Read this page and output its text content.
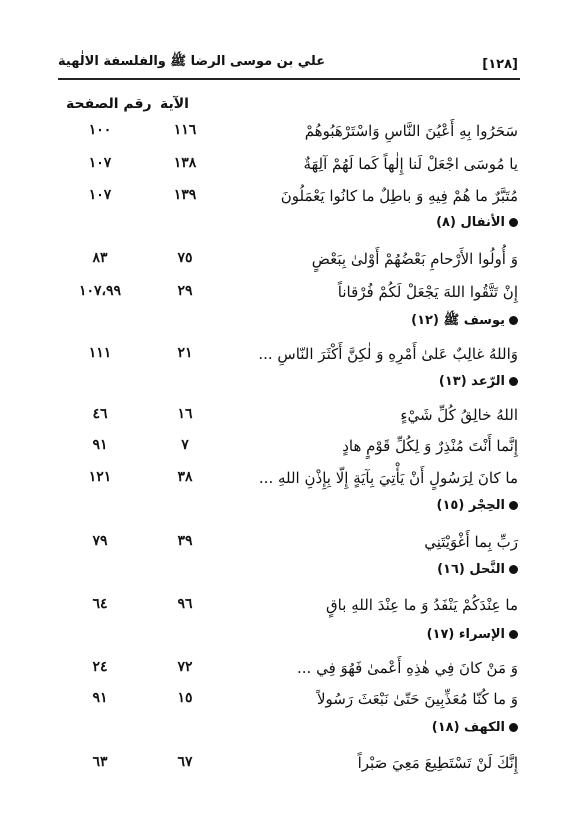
[١٢٨]
علي بن موسى الرضا ﷺ والفلسفة الالٰهية
الآية
رقم الصفحة
سَحَرُوا بِهِ أَعْيُنَ النَّاسِ وَاسْتَرْهَبُوهُمْ
١١٦
١٠٠
يا مُوسَى اجْعَلْ لَنا إِلٰهاً كَما لَهُمْ آلِهَةٌ
١٣٨
١٠٧
مُتَبَّرٌ ما هُمْ فِيهِ وَ باطِلٌ ما كانُوا يَعْمَلُونَ
١٣٩
١٠٧
الأنفال (٨)
وَ أُولُوا الأَرْحامِ بَعْضُهُمْ أَوْلىٰ بِبَعْضٍ
٧٥
٨٣
إِنْ تَتَّقُوا اللهَ يَجْعَلْ لَكُمْ فُرْقاناً
٢٩
١٠٧،٩٩
يوسف ﷺ (١٢)
وَاللهُ غالِبٌ عَلىٰ أَمْرِهِ وَ لٰكِنَّ أَكْثَرَ النّاسِ ...
٢١
١١١
الرّعد (١٣)
اللهُ خالِقُ كُلِّ شَيْءٍ
١٦
٤٦
إِنَّما أَنْتَ مُنْذِرٌ وَ لِكُلِّ قَوْمٍ هادٍ
٧
٩١
ما كانَ لِرَسُولٍ أَنْ يَأْتِيَ بِآيَةٍ إِلّا بِإِذْنِ اللهِ ...
٣٨
١٢١
الحِجْر (١٥)
رَبِّ بِما أَغْوَيْتَنِي
٣٩
٧٩
النَّحل (١٦)
ما عِنْدَكُمْ يَنْفَدُ وَ ما عِنْدَ اللهِ باقٍ
٩٦
٦٤
الإسراء (١٧)
وَ مَنْ كانَ فِي هٰذِهِ أَعْمىٰ فَهُوَ فِي ...
٧٢
٢٤
وَ ما كُنّا مُعَذِّبِينَ حَتّىٰ نَبْعَثَ رَسُولاً
١٥
٩١
الكهف (١٨)
إِنَّكَ لَنْ تَسْتَطِيعَ مَعِيَ صَبْراً
٦٧
٦٣
